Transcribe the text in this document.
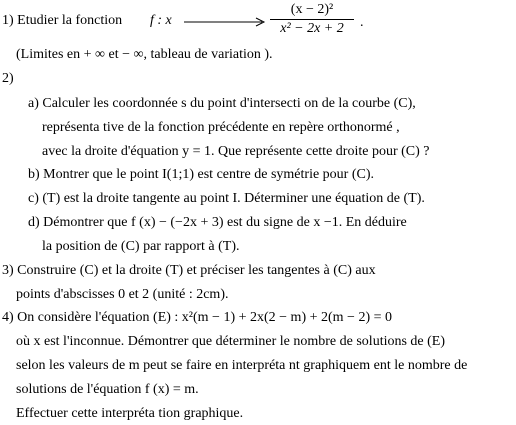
1) Etudier la fonction f : x
(x − 2)²
x² − 2x + 2	.
(Limites en + ∞ et − ∞, tableau de variation ).
2)
a) Calculer les coordonnée s du point d'intersecti on de la courbe (C),
représenta tive de la fonction précédente en repère orthonormé ,
avec la droite d'équation y = 1. Que représente cette droite pour (C) ?
b) Montrer que le point I(1;1) est centre de symétrie pour (C).
c) (T) est la droite tangente au point I. Déterminer une équation de (T).
d) Démontrer que f (x) − (−2x + 3) est du signe de x −1. En déduire
la position de (C) par rapport à (T).
3) Construire (C) et la droite (T) et préciser les tangentes à (C) aux
points d'abscisses 0 et 2 (unité : 2cm).
4) On considère l'équation (E) : x²(m − 1) + 2x(2 − m) + 2(m − 2) = 0
où x est l'inconnue. Démontrer que déterminer le nombre de solutions de (E)
selon les valeurs de m peut se faire en interpréta nt graphiquem ent le nombre de
solutions de l'équation f (x) = m.
Effectuer cette interpréta tion graphique.
